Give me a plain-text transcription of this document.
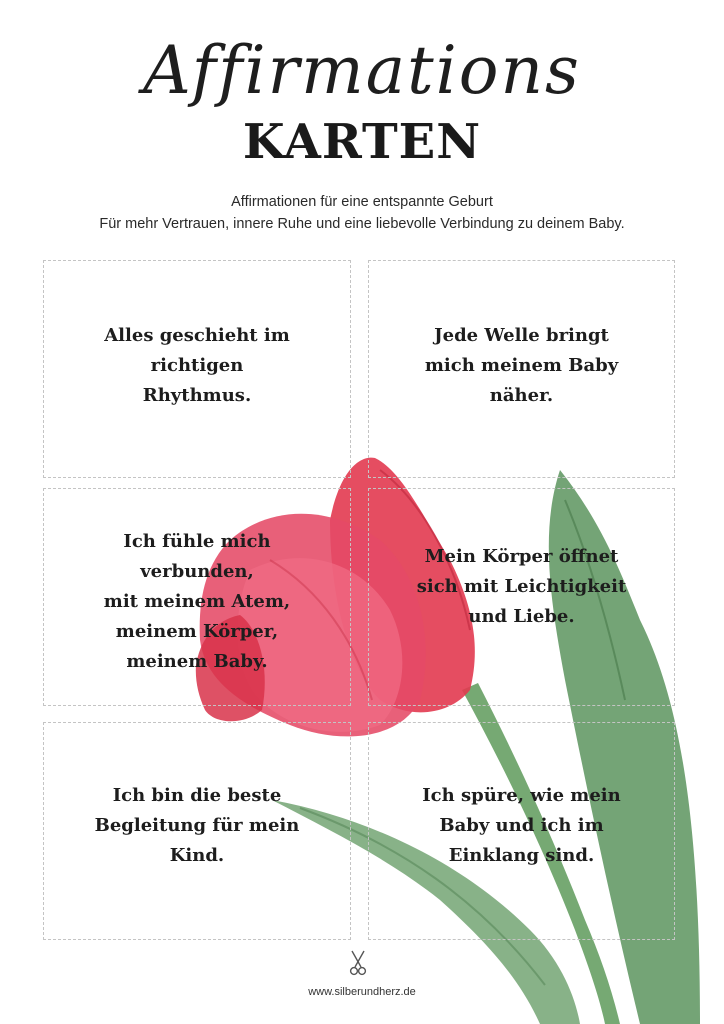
Affirmations
KARTEN
Affirmationen für eine entspannte Geburt
Für mehr Vertrauen, innere Ruhe und eine liebevolle Verbindung zu deinem Baby.
Alles geschieht im
richtigen
Rhythmus.
Jede Welle bringt
mich meinem Baby
näher.
Ich fühle mich
verbunden,
mit meinem Atem,
meinem Körper,
meinem Baby.
Mein Körper öffnet
sich mit Leichtigkeit
und Liebe.
Ich bin die beste
Begleitung für mein
Kind.
Ich spüre, wie mein
Baby und ich im
Einklang sind.
www.silberundherz.de
